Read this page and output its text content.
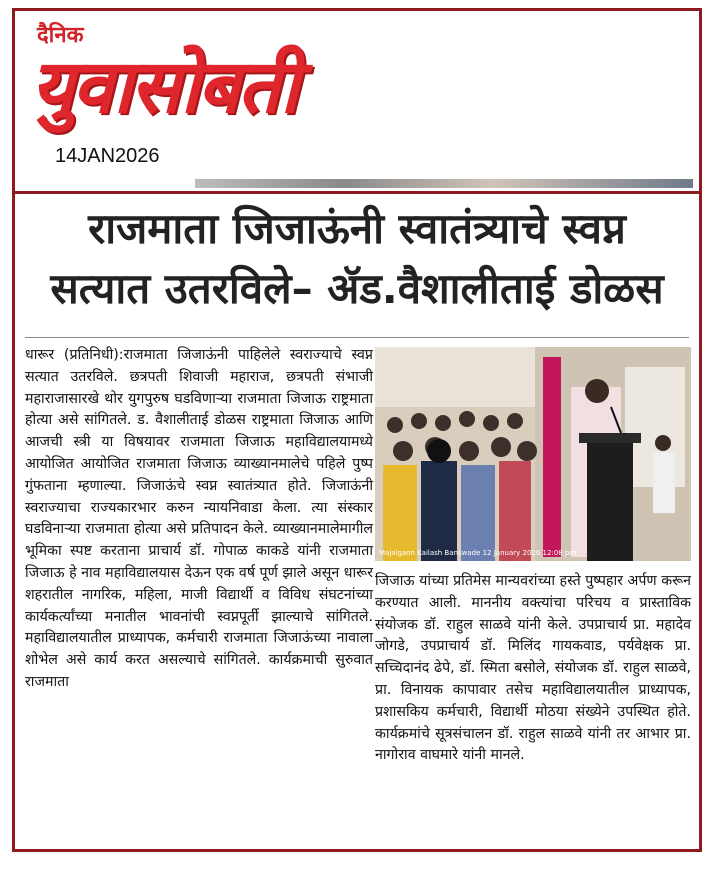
दैनिक
युवासोबती
14JAN2026
राजमाता जिजाऊंनी स्वातंत्र्याचे स्वप्न
सत्यात उतरविले– ॲड.वैशालीताई डोळस
धारूर (प्रतिनिधी):राजमाता जिजाऊंनी पाहिलेले स्वराज्याचे स्वप्न सत्यात उतरविले. छत्रपती शिवाजी महाराज, छत्रपती संभाजी महाराजासारखे थोर युगपुरुष घडविणाऱ्या राजमाता जिजाऊ राष्ट्रमाता होत्या असे सांगितले. ड. वैशालीताई डोळस राष्ट्रमाता जिजाऊ आणि आजची स्त्री या विषयावर राजमाता जिजाऊ महाविद्यालयामध्ये आयोजित आयोजित राजमाता जिजाऊ व्याख्यानमालेचे पहिले पुष्प गुंफताना म्हणाल्या. जिजाऊंचे स्वप्न स्वातंत्र्यात होते. जिजाऊंनी स्वराज्याचा राज्यकारभार करुन न्यायनिवाडा केला. त्या संस्कार घडविनाऱ्या राजमाता होत्या असे प्रतिपादन केले. व्याख्यानमालेमागील भूमिका स्पष्ट करताना प्राचार्य डॉ. गोपाळ काकडे यांनी राजमाता जिजाऊ हे नाव महाविद्यालयास देऊन एक वर्ष पूर्ण झाले असून धारूर शहरातील नागरिक, महिला, माजी विद्यार्थी व विविध संघटनांच्या कार्यकर्त्यांच्या मनातील भावनांची स्वप्नपूर्ती झाल्याचे सांगितले. महाविद्यालयातील प्राध्यापक, कर्मचारी राजमाता जिजाऊंच्या नावाला शोभेल असे कार्य करत असल्याचे सांगितले. कार्यक्रमाची सुरुवात राजमाता
Majalgaon Kailash Banswade 12 January 2026 12:08 pm
जिजाऊ यांच्या प्रतिमेस मान्यवरांच्या हस्ते पुष्पहार अर्पण करून करण्यात आली. माननीय वक्त्यांचा परिचय व प्रास्ताविक संयोजक डॉ. राहुल साळवे यांनी केले. उपप्राचार्य प्रा. महादेव जोगडे, उपप्राचार्य डॉ. मिलिंद गायकवाड, पर्यवेक्षक प्रा. सच्चिदानंद ढेपे, डॉ. स्मिता बसोले, संयोजक डॉ. राहुल साळवे, प्रा. विनायक कापावार तसेच महाविद्यालयातील प्राध्यापक, प्रशासकिय कर्मचारी, विद्यार्थी मोठया संख्येने उपस्थित होते. कार्यक्रमांचे सूत्रसंचालन डॉ. राहुल साळवे यांनी तर आभार प्रा. नागोराव वाघमारे यांनी मानले.
